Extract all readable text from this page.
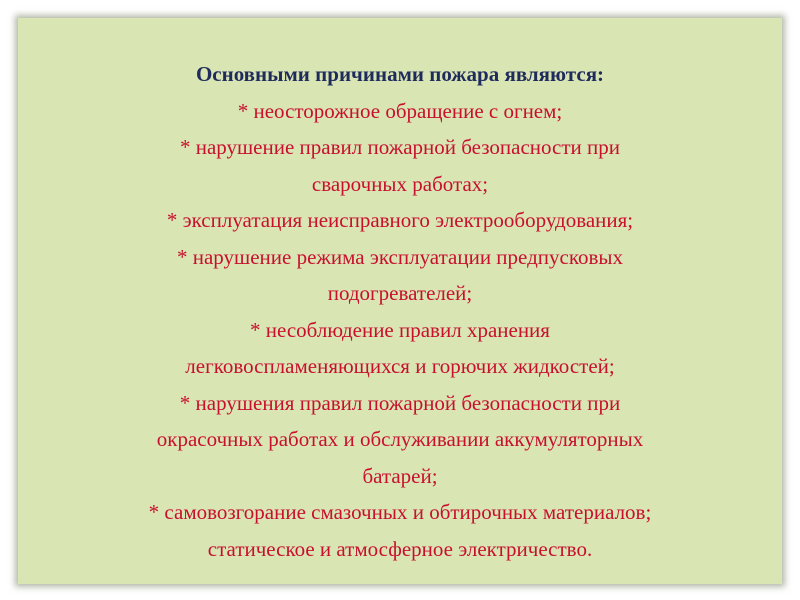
Основными причинами пожара являются:
* неосторожное обращение с огнем;
* нарушение правил пожарной безопасности при
сварочных работах;
* эксплуатация неисправного электрооборудования;
* нарушение режима эксплуатации предпусковых
подогревателей;
* несоблюдение правил хранения
легковоспламеняющихся и горючих жидкостей;
* нарушения правил пожарной безопасности при
окрасочных работах и обслуживании аккумуляторных
батарей;
* самовозгорание смазочных и обтирочных материалов;
статическое и атмосферное электричество.
